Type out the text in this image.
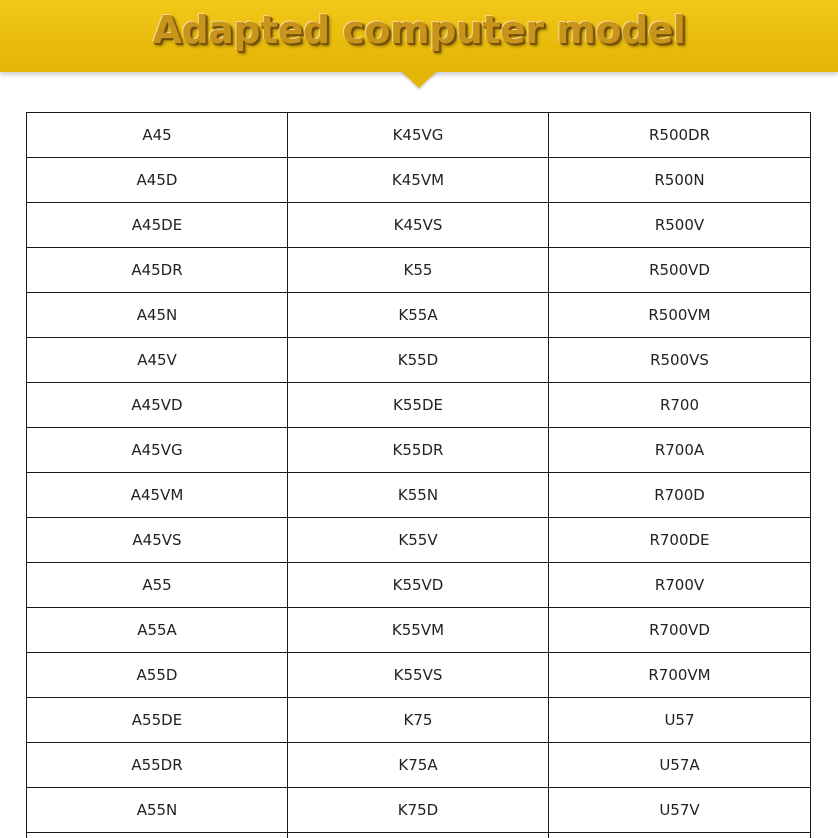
Adapted computer model
A45	K45VG	R500DR
A45D	K45VM	R500N
A45DE	K45VS	R500V
A45DR	K55	R500VD
A45N	K55A	R500VM
A45V	K55D	R500VS
A45VD	K55DE	R700
A45VG	K55DR	R700A
A45VM	K55N	R700D
A45VS	K55V	R700DE
A55	K55VD	R700V
A55A	K55VM	R700VD
A55D	K55VS	R700VM
A55DE	K75	U57
A55DR	K75A	U57A
A55N	K75D	U57V
